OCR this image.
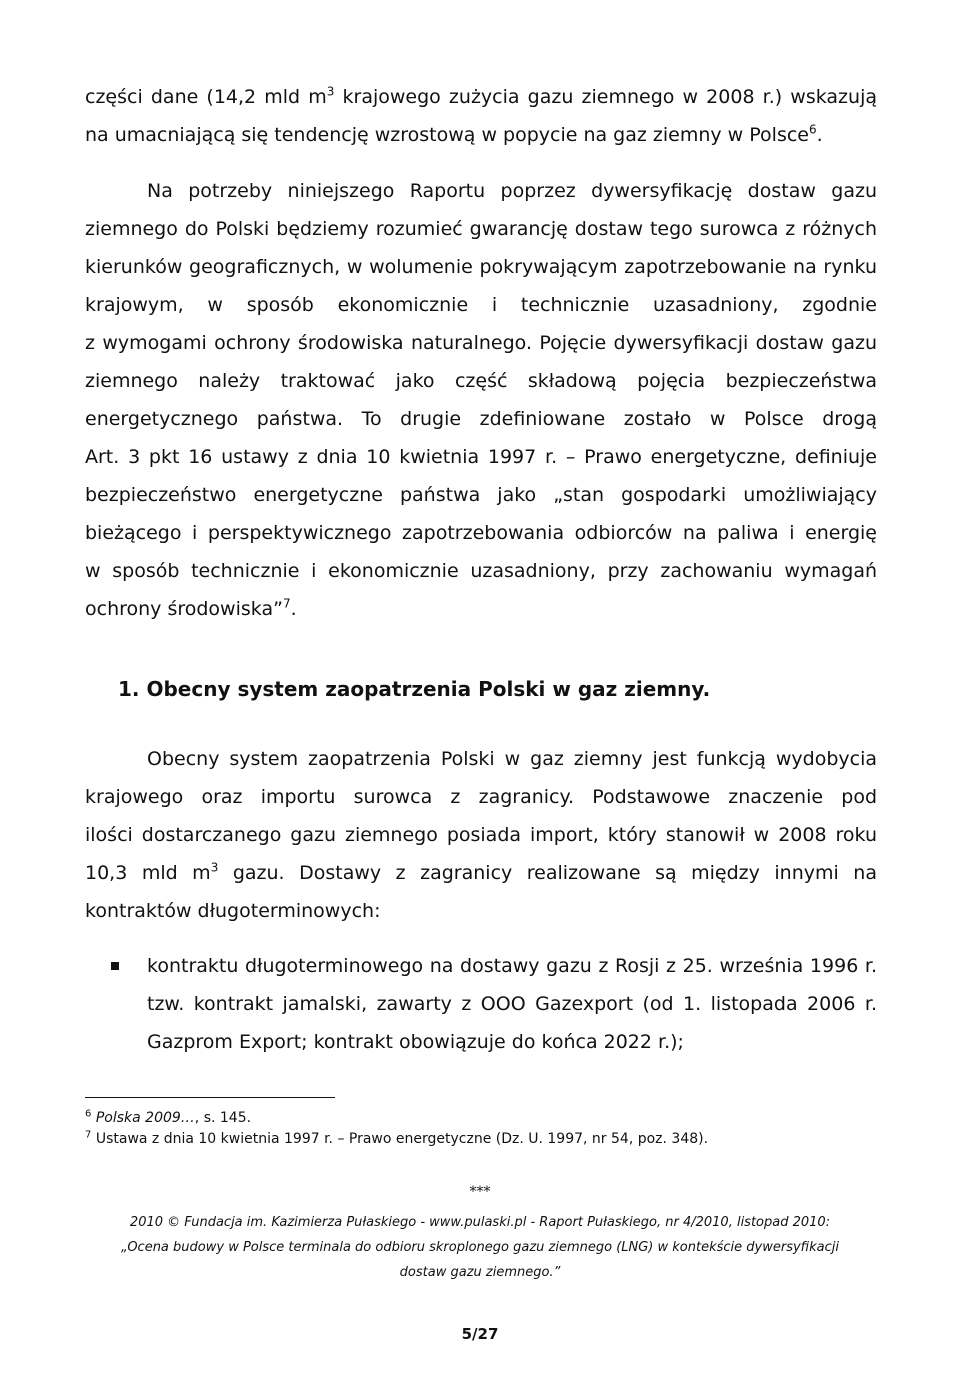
części dane (14,2 mld $m^3$ krajowego zużycia gazu ziemnego w 2008 r.) wskazują
na umacniającą się tendencję wzrostową w popycie na gaz ziemny w Polsce$^6$.
Na potrzeby niniejszego Raportu poprzez dywersyfikację dostaw gazu
ziemnego do Polski będziemy rozumieć gwarancję dostaw tego surowca z różnych
kierunków geograficznych, w wolumenie pokrywającym zapotrzebowanie na rynku
krajowym, w sposób ekonomicznie i technicznie uzasadniony, zgodnie
z wymogami ochrony środowiska naturalnego. Pojęcie dywersyfikacji dostaw gazu
ziemnego należy traktować jako część składową pojęcia bezpieczeństwa
energetycznego państwa. To drugie zdefiniowane zostało w Polsce drogą
Art. 3 pkt 16 ustawy z dnia 10 kwietnia 1997 r. – Prawo energetyczne, definiuje
bezpieczeństwo energetyczne państwa jako „stan gospodarki umożliwiający
bieżącego i perspektywicznego zapotrzebowania odbiorców na paliwa i energię
w sposób technicznie i ekonomicznie uzasadniony, przy zachowaniu wymagań
ochrony środowiska”$^7$.
1. Obecny system zaopatrzenia Polski w gaz ziemny.
Obecny system zaopatrzenia Polski w gaz ziemny jest funkcją wydobycia
krajowego oraz importu surowca z zagranicy. Podstawowe znaczenie pod
ilości dostarczanego gazu ziemnego posiada import, który stanowił w 2008 roku
10,3 mld $m^3$ gazu. Dostawy z zagranicy realizowane są między innymi na
kontraktów długoterminowych:
kontraktu długoterminowego na dostawy gazu z Rosji z 25. września 1996 r.
tzw. kontrakt jamalski, zawarty z OOO Gazexport (od 1. listopada 2006 r.
Gazprom Export; kontrakt obowiązuje do końca 2022 r.);
$^6$ Polska 2009…, s. 145.
$^7$ Ustawa z dnia 10 kwietnia 1997 r. – Prawo energetyczne (Dz. U. 1997, nr 54, poz. 348).
***
2010 © Fundacja im. Kazimierza Pułaskiego - www.pulaski.pl - Raport Pułaskiego, nr 4/2010, listopad 2010:
„Ocena budowy w Polsce terminala do odbioru skroplonego gazu ziemnego (LNG) w kontekście dywersyfikacji
dostaw gazu ziemnego.”
5/27
